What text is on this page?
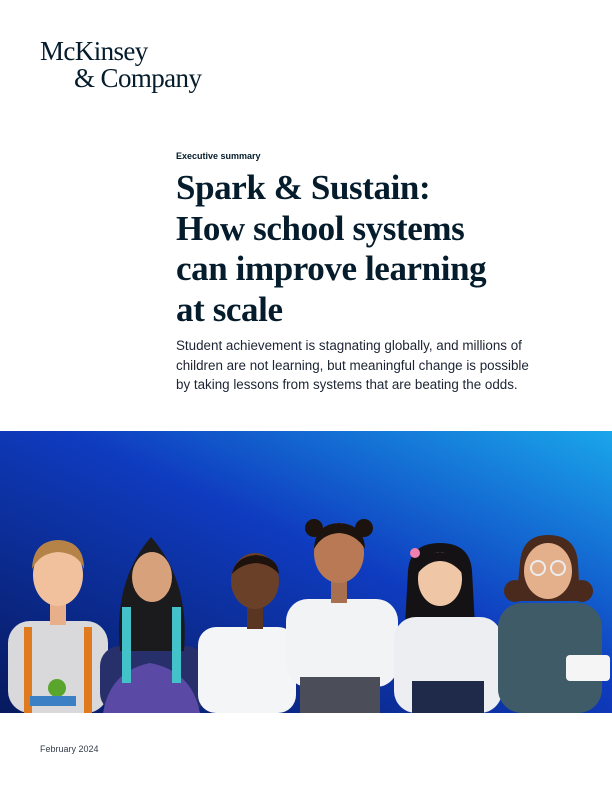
McKinsey
& Company
Executive summary
Spark & Sustain:
How school systems
can improve learning
at scale

Student achievement is stagnating globally, and millions of
children are not learning, but meaningful change is possible
by taking lessons from systems that are beating the odds.

February 2024
